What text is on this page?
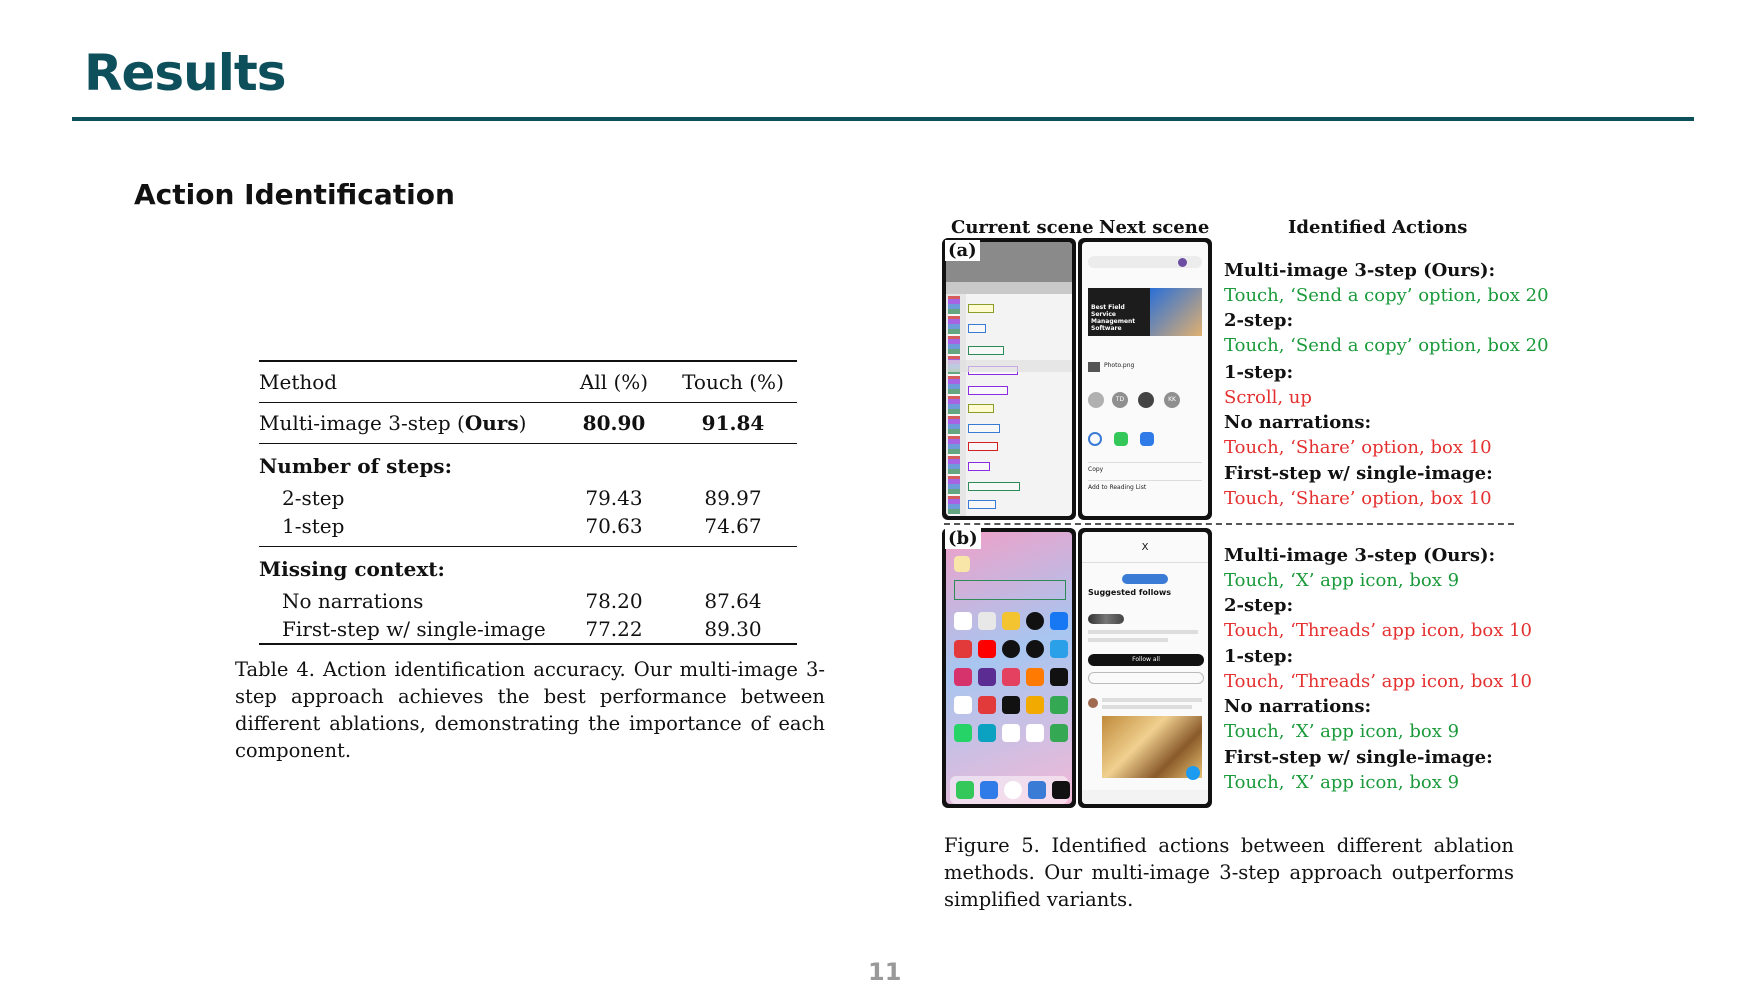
Results
Action Identification
Method	All (%)	Touch (%)
Multi-image 3-step (Ours)	80.90	91.84
Number of steps:		
2-step	79.43	89.97
1-step	70.63	74.67

Missing context:		
No narrations	78.20	87.64
First-step w/ single-image	77.22	89.30
Table 4. Action identification accuracy. Our multi-image 3-step approach achieves the best performance between different ablations, demonstrating the importance of each component.
Current scene Next scene	Identified Actions
(a)
Best Field Service Management Software
Photo.png
TD	KK
Copy
Add to Reading List
Multi-image 3-step (Ours):
Touch, ‘Send a copy’ option, box 20
2-step:
Touch, ‘Send a copy’ option, box 20
1-step:
Scroll, up
No narrations:
Touch, ‘Share’ option, box 10
First-step w/ single-image:
Touch, ‘Share’ option, box 10
(b)	X
Suggested follows
Follow all
Multi-image 3-step (Ours):
Touch, ‘X’ app icon, box 9
2-step:
Touch, ‘Threads’ app icon, box 10
1-step:
Touch, ‘Threads’ app icon, box 10
No narrations:
Touch, ‘X’ app icon, box 9
First-step w/ single-image:
Touch, ‘X’ app icon, box 9
Figure 5. Identified actions between different ablation methods. Our multi-image 3-step approach outperforms simplified variants.
11
